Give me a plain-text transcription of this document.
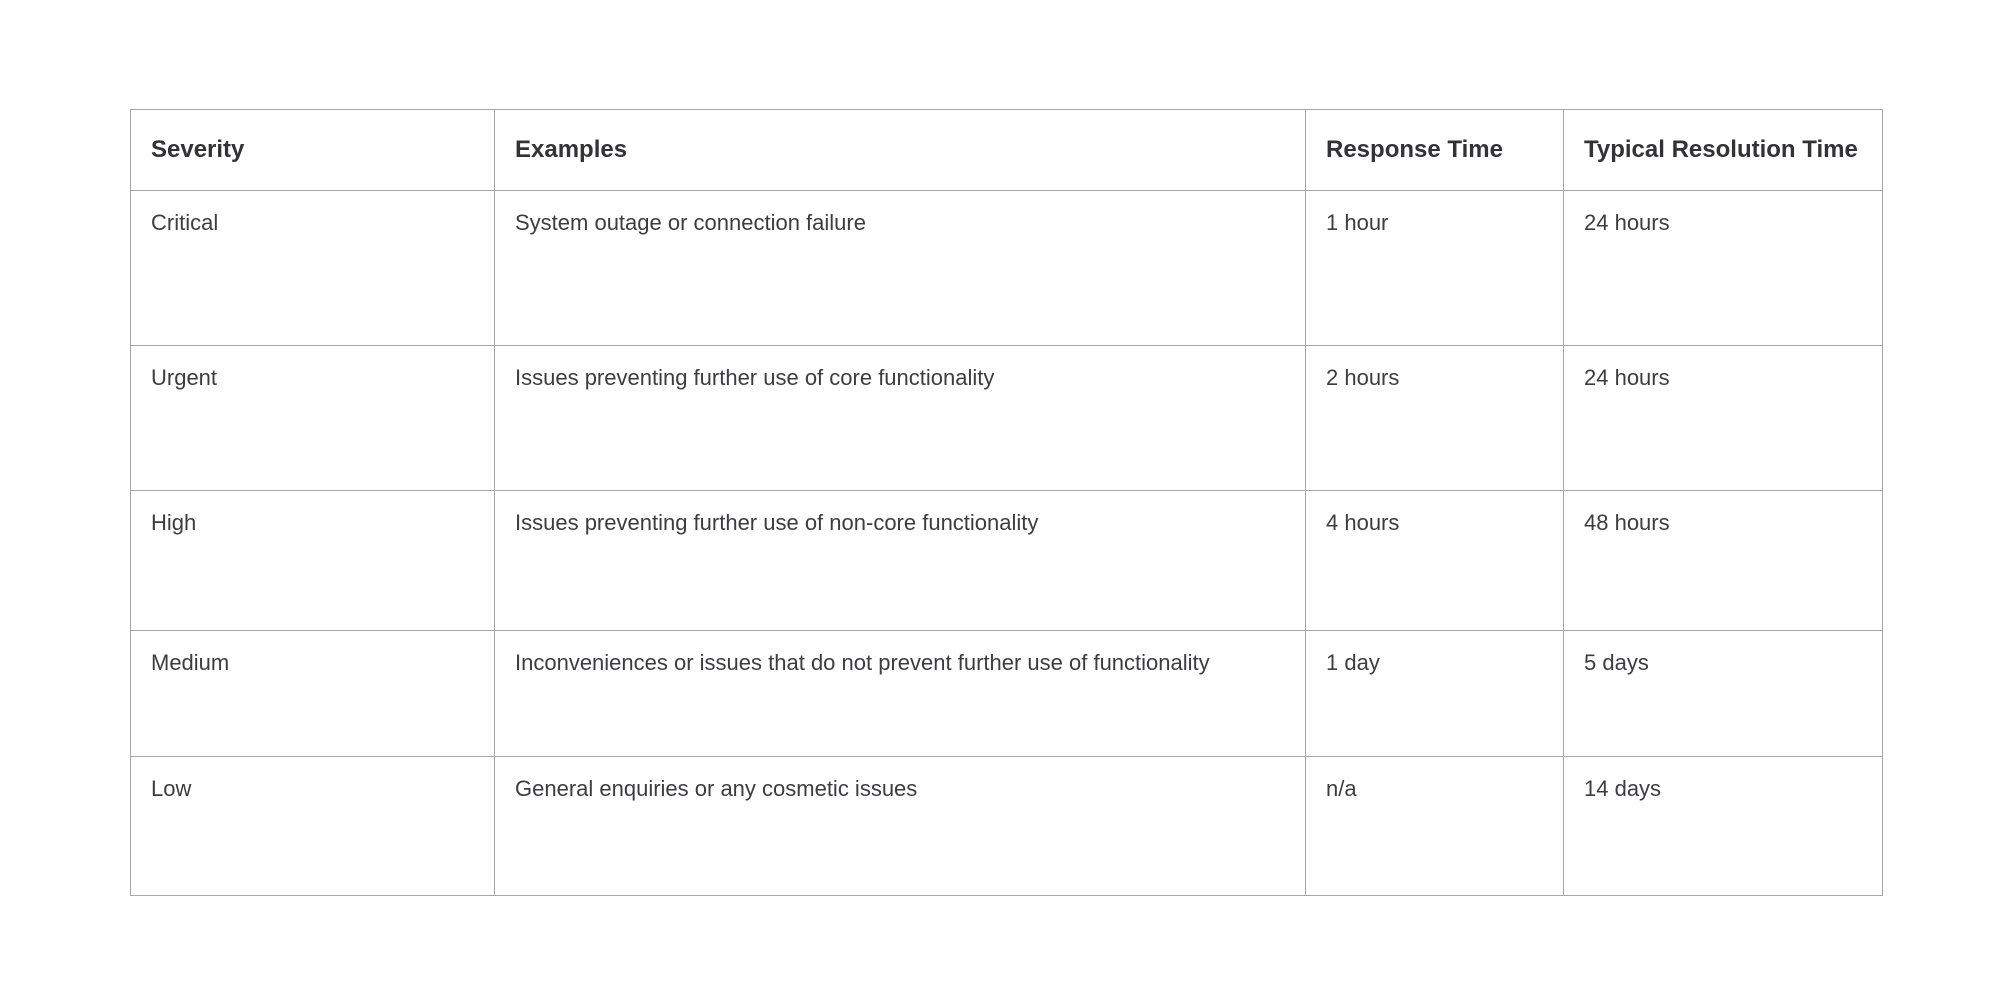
Severity	Examples	Response Time	Typical Resolution Time
Critical	System outage or connection failure	1 hour	24 hours
Urgent	Issues preventing further use of core functionality	2 hours	24 hours
High	Issues preventing further use of non-core functionality	4 hours	48 hours
Medium	Inconveniences or issues that do not prevent further use of functionality	1 day	5 days
Low	General enquiries or any cosmetic issues	n/a	14 days
